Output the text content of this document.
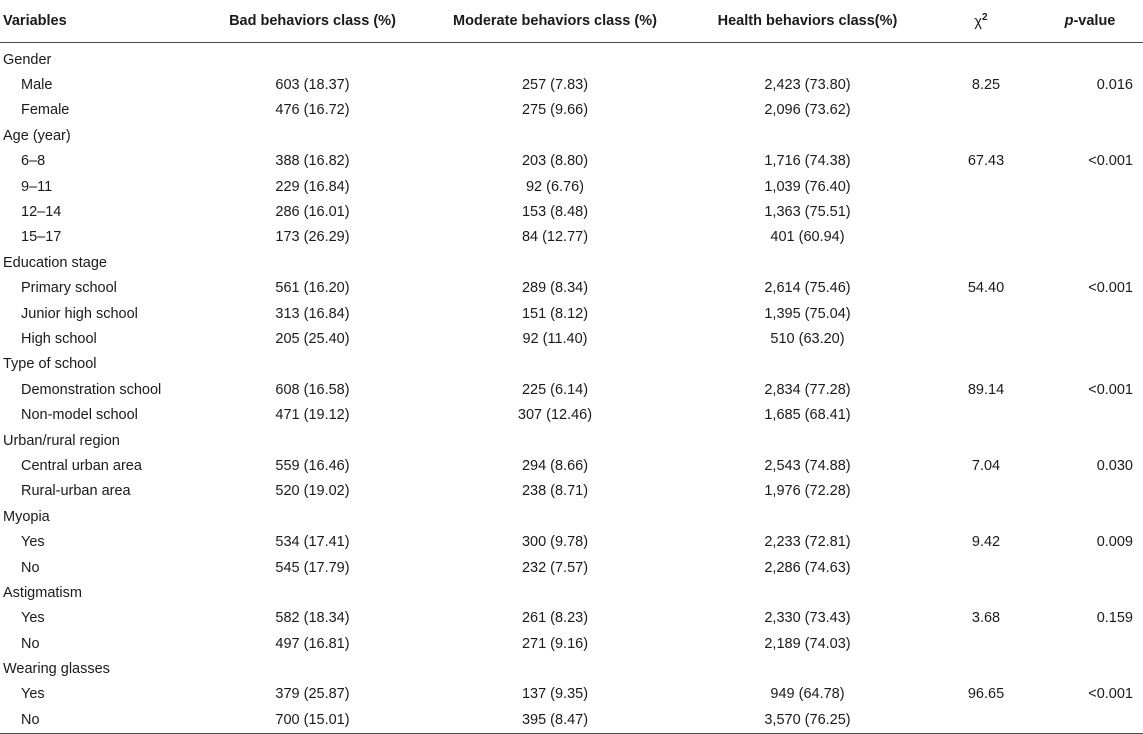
Variables	Bad behaviors class (%)	Moderate behaviors class (%)	Health behaviors class(%)	$\chi^2$	p-value
Gender					
Male	603 (18.37)	257 (7.83)	2,423 (73.80)	8.25	0.016
Female	476 (16.72)	275 (9.66)	2,096 (73.62)		
Age (year)					
6–8	388 (16.82)	203 (8.80)	1,716 (74.38)	67.43	<0.001
9–11	229 (16.84)	92 (6.76)	1,039 (76.40)		
12–14	286 (16.01)	153 (8.48)	1,363 (75.51)		
15–17	173 (26.29)	84 (12.77)	401 (60.94)		
Education stage					
Primary school	561 (16.20)	289 (8.34)	2,614 (75.46)	54.40	<0.001
Junior high school	313 (16.84)	151 (8.12)	1,395 (75.04)		
High school	205 (25.40)	92 (11.40)	510 (63.20)		
Type of school					
Demonstration school	608 (16.58)	225 (6.14)	2,834 (77.28)	89.14	<0.001
Non-model school	471 (19.12)	307 (12.46)	1,685 (68.41)		
Urban/rural region					
Central urban area	559 (16.46)	294 (8.66)	2,543 (74.88)	7.04	0.030
Rural-urban area	520 (19.02)	238 (8.71)	1,976 (72.28)		
Myopia					
Yes	534 (17.41)	300 (9.78)	2,233 (72.81)	9.42	0.009
No	545 (17.79)	232 (7.57)	2,286 (74.63)		
Astigmatism					
Yes	582 (18.34)	261 (8.23)	2,330 (73.43)	3.68	0.159
No	497 (16.81)	271 (9.16)	2,189 (74.03)		
Wearing glasses					
Yes	379 (25.87)	137 (9.35)	949 (64.78)	96.65	<0.001
No	700 (15.01)	395 (8.47)	3,570 (76.25)		
